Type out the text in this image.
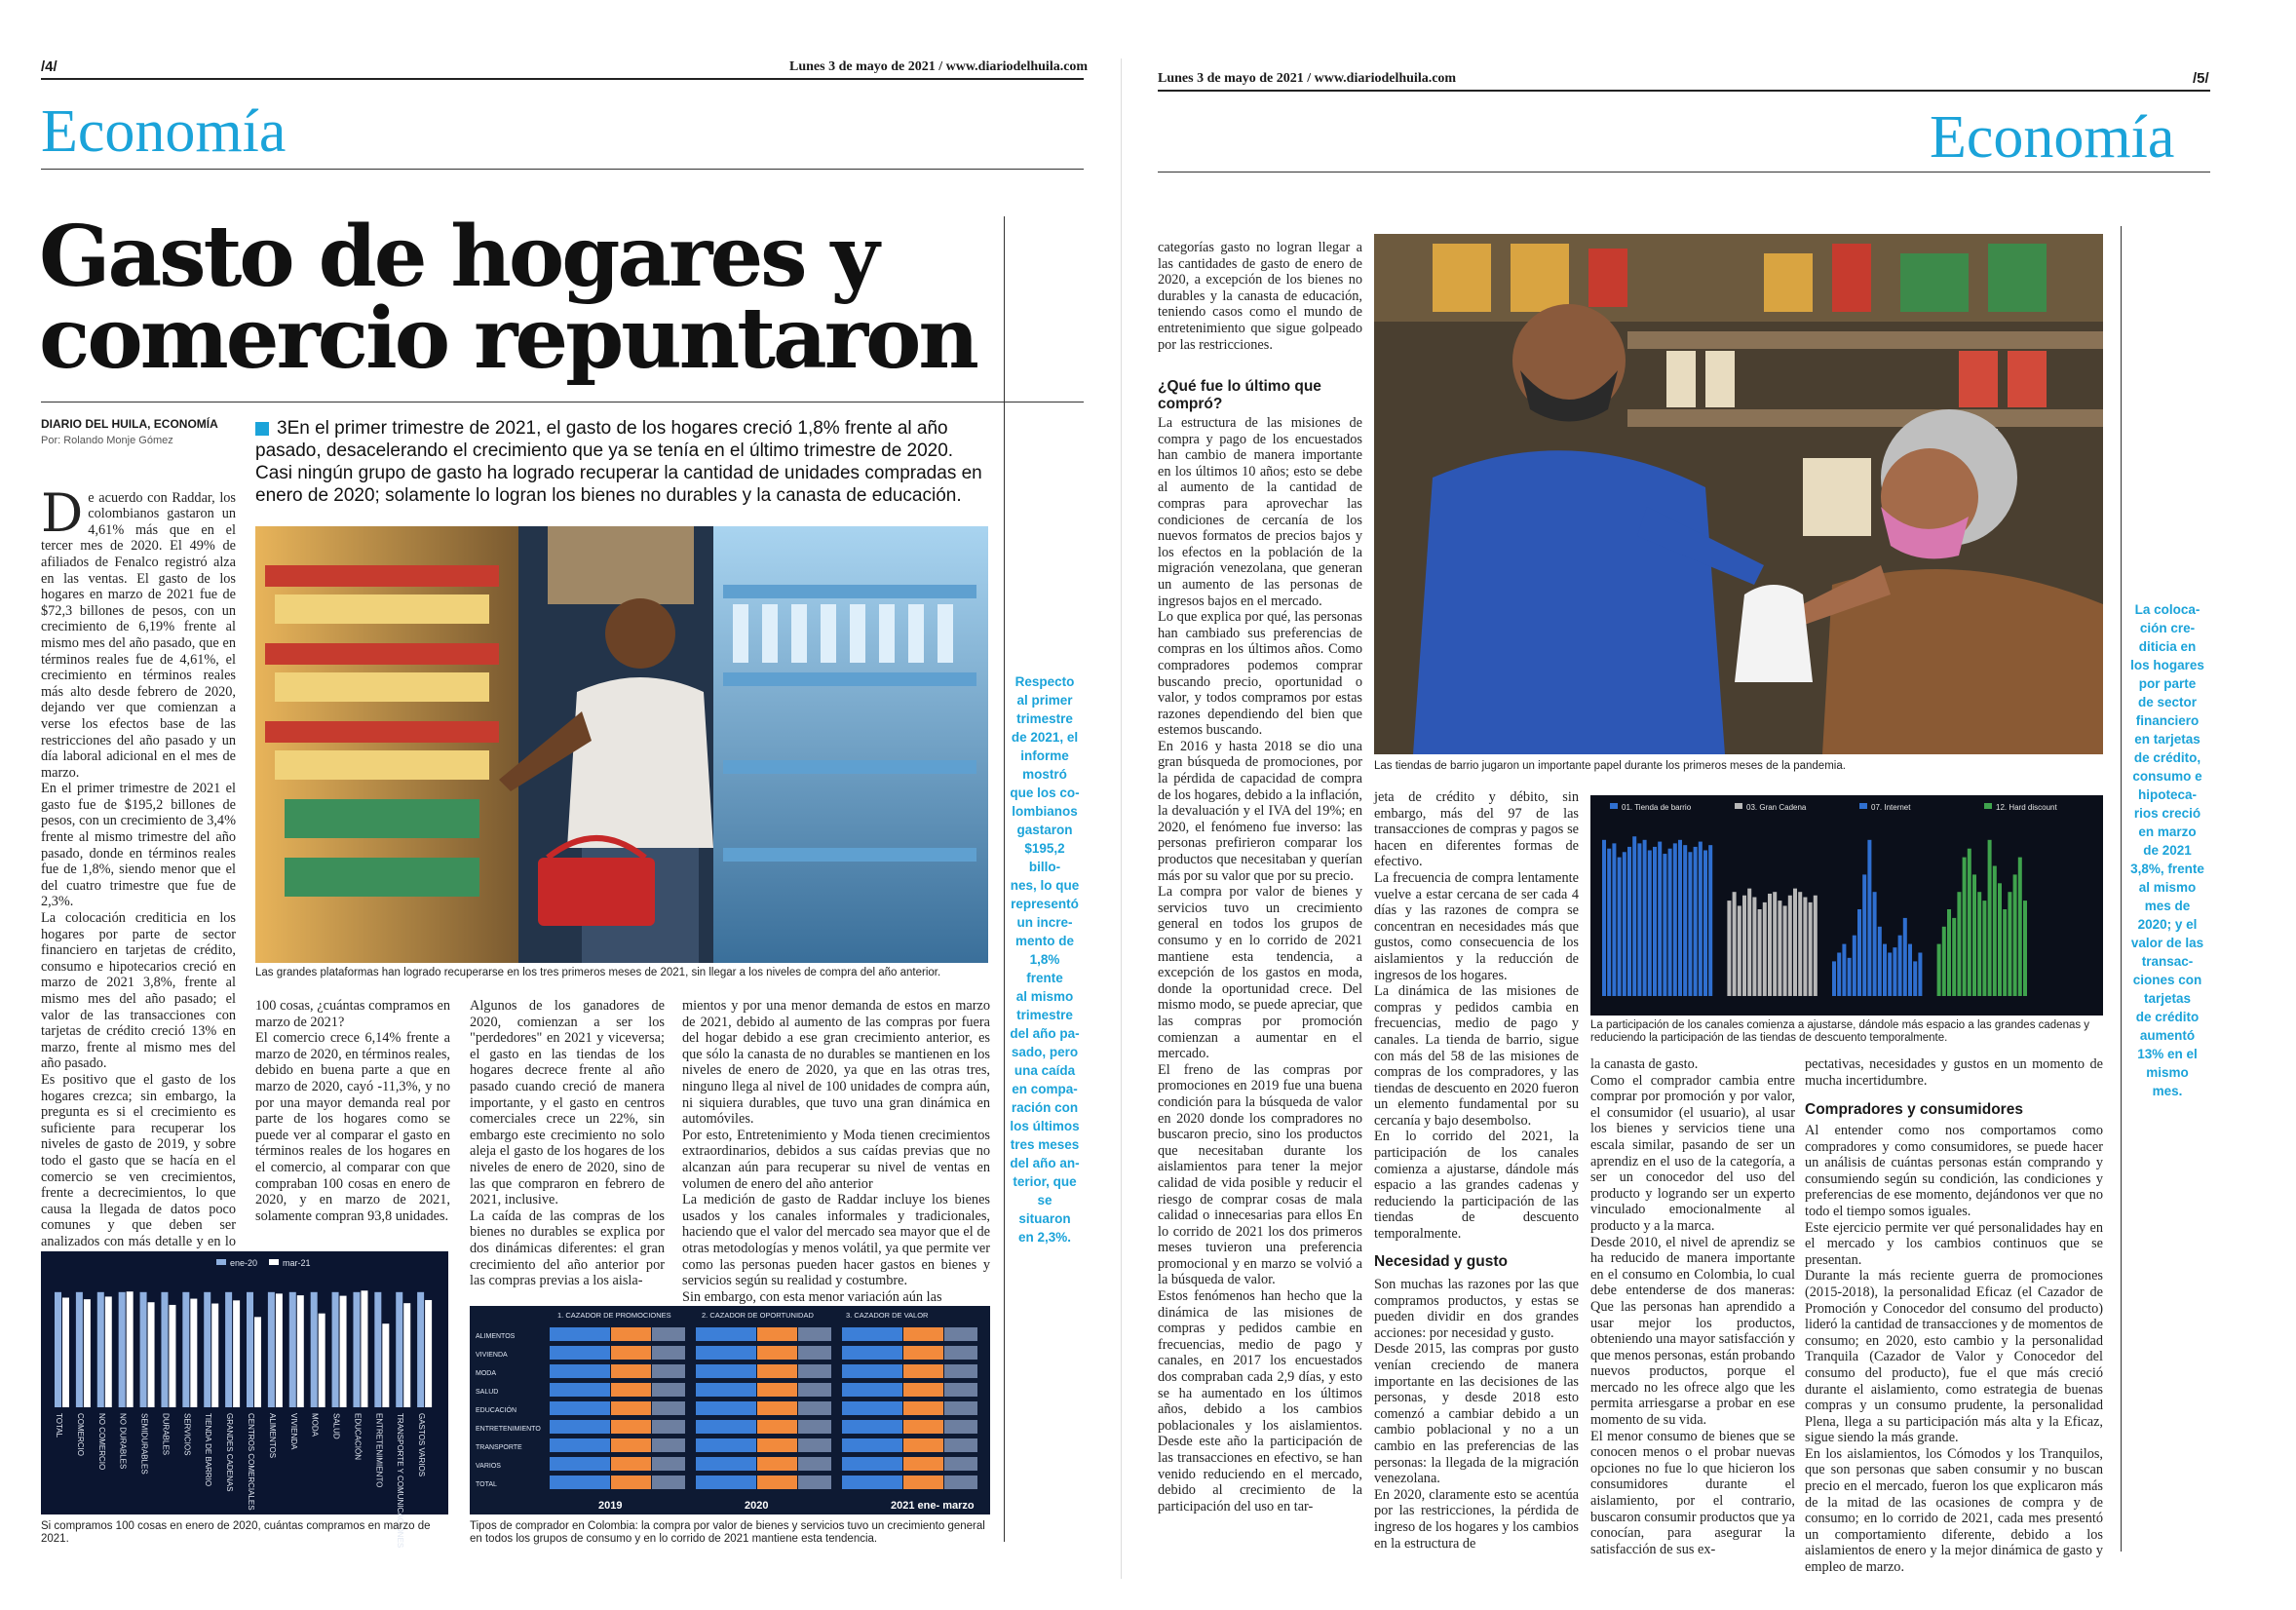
/4/	Lunes 3 de mayo de 2021 / www.diariodelhuila.com
Economía
Gasto de hogares y
comercio repuntaron
DIARIO DEL HUILA, ECONOMÍA
Por: Rolando Monje Gómez
3En el primer trimestre de 2021, el gasto de los hogares creció 1,8% frente al año pasado, desacelerando el crecimiento que ya se tenía en el último trimestre de 2020. Casi ningún grupo de gasto ha logrado recuperar la cantidad de unidades compradas en enero de 2020; solamente lo logran los bienes no durables y la canasta de educación.

De acuerdo con Raddar, los colombianos gastaron un 4,61% más que en el tercer mes de 2020. El 49% de afiliados de Fenalco registró alza en las ventas. El gasto de los hogares en marzo de 2021 fue de $72,3 billones de pesos, con un crecimiento de 6,19% frente al mismo mes del año pasado, que en términos reales fue de 4,61%, el crecimiento en términos reales más alto desde febrero de 2020, dejando ver que comienzan a verse los efectos base de las restricciones del año pasado y un día laboral adicional en el mes de marzo.
En el primer trimestre de 2021 el gasto fue de $195,2 billones de pesos, con un crecimiento de 3,4% frente al mismo trimestre del año pasado, donde en términos reales fue de 1,8%, siendo menor que el del cuatro trimestre que fue de 2,3%.
La colocación crediticia en los hogares por parte de sector financiero en tarjetas de crédito, consumo e hipotecarios creció en marzo de 2021 3,8%, frente al mismo mes del año pasado; el valor de las transacciones con tarjetas de crédito creció 13% en marzo, frente al mismo mes del año pasado.
Es positivo que el gasto de los hogares crezca; sin embargo, la pregunta es si el crecimiento es suficiente para recuperar los niveles de gasto de 2019, y sobre todo el gasto que se hacía en el comercio se ven crecimientos, frente a decrecimientos, lo que causa la llegada de datos poco comunes y que deben ser analizados con más detalle y en lo

Las grandes plataformas han logrado recuperarse en los tres primeros meses de 2021, sin llegar a los niveles de compra del año anterior.
100 cosas, ¿cuántas compramos en marzo de 2021?
El comercio crece 6,14% frente a marzo de 2020, en términos reales, debido en buena parte a que en marzo de 2020, cayó -11,3%, y no por una mayor demanda real por parte de los hogares como se puede ver al comparar el gasto en términos reales de los hogares en el comercio, al comparar con que compraban 100 cosas en enero de 2020, y en marzo de 2021, solamente compran 93,8 unidades.
Algunos de los ganadores de 2020, comienzan a ser los "perdedores" en 2021 y viceversa; el gasto en las tiendas de los hogares decrece frente al año pasado cuando creció de manera importante, y el gasto en centros comerciales crece un 22%, sin embargo este crecimiento no solo aleja el gasto de los hogares de los niveles de enero de 2020, sino de las que compraron en febrero de 2021, inclusive.
La caída de las compras de los bienes no durables se explica por dos dinámicas diferentes: el gran crecimiento del año anterior por las compras previas a los aisla-
mientos y por una menor demanda de estos en marzo de 2021, debido al aumento de las compras por fuera del hogar debido a ese gran crecimiento anterior, es que sólo la canasta de no durables se mantienen en los niveles de enero de 2020, ya que en las otras tres, ninguno llega al nivel de 100 unidades de compra aún, ni siquiera durables, que tuvo una gran dinámica en automóviles.
Por esto, Entretenimiento y Moda tienen crecimientos extraordinarios, debidos a sus caídas previas que no alcanzan aún para recuperar su nivel de ventas en volumen de enero del año anterior
La medición de gasto de Raddar incluye los bienes usados y los canales informales y tradicionales, haciendo que el valor del mercado sea mayor que el de otras metodologías y menos volátil, ya que permite ver como las personas pueden hacer gastos en bienes y servicios según su realidad y costumbre.
Sin embargo, con esta menor variación aún las
Respecto
al primer
trimestre
de 2021, el
informe
mostró
que los co-
lombianos
gastaron
$195,2 billo-
nes, lo que
representó
un incre-
mento de
1,8% frente
al mismo
trimestre
del año pa-
sado, pero
una caída
en compa-
ración con
los últimos
tres meses
del año an-
terior, que
se situaron
en 2,3%.
ene-20	mar-21
TOTAL COMERCIO NO COMERCIO NO DURABLES SEMIDURABLES DURABLES SERVICIOS TIENDA DE BARRIO GRANDES CADENAS CENTROS COMERCIALES ALIMENTOS VIVIENDA MODA SALUD EDUCACIÓN ENTRETENIMIENTO TRANSPORTE Y COMUNICACIONES GASTOS VARIOS
Si compramos 100 cosas en enero de 2020, cuántas compramos en marzo de 2021.
1. CAZADOR DE PROMOCIONES	2. CAZADOR DE OPORTUNIDAD	3. CAZADOR DE VALOR
ALIMENTOS
VIVIENDA
MODA
SALUD
EDUCACIÓN
ENTRETENIMIENTO
TRANSPORTE
VARIOS
TOTAL
2019	2020	2021 ene- marzo
Tipos de comprador en Colombia: la compra por valor de bienes y servicios tuvo un crecimiento general en todos los grupos de consumo y en lo corrido de 2021 mantiene esta tendencia.
Lunes 3 de mayo de 2021 / www.diariodelhuila.com	/5/
Economía
categorías gasto no logran llegar a las cantidades de gasto de enero de 2020, a excepción de los bienes no durables y la canasta de educación, teniendo casos como el mundo de entretenimiento que sigue golpeado por las restricciones.
¿Qué fue lo último que compró?
La estructura de las misiones de compra y pago de los encuestados han cambio de manera importante en los últimos 10 años; esto se debe al aumento de la cantidad de compras para aprovechar las condiciones de cercanía de los nuevos formatos de precios bajos y los efectos en la población de la migración venezolana, que generan un aumento de las personas de ingresos bajos en el mercado.
Lo que explica por qué, las personas han cambiado sus preferencias de compras en los últimos años. Como compradores podemos comprar buscando precio, oportunidad o valor, y todos compramos por estas razones dependiendo del bien que estemos buscando.
En 2016 y hasta 2018 se dio una gran búsqueda de promociones, por la pérdida de capacidad de compra de los hogares, debido a la inflación, la devaluación y el IVA del 19%; en 2020, el fenómeno fue inverso: las personas prefirieron comparar los productos que necesitaban y querían más por su valor que por su precio.
La compra por valor de bienes y servicios tuvo un crecimiento general en todos los grupos de consumo y en lo corrido de 2021 mantiene esta tendencia, a excepción de los gastos en moda, donde la oportunidad crece. Del mismo modo, se puede apreciar, que las compras por promoción comienzan a aumentar en el mercado.
El freno de las compras por promociones en 2019 fue una buena condición para la búsqueda de valor en 2020 donde los compradores no buscaron precio, sino los productos que necesitaban durante los aislamientos para tener la mejor calidad de vida posible y reducir el riesgo de comprar cosas de mala calidad o innecesarias para ellos En lo corrido de 2021 los dos primeros meses tuvieron una preferencia promocional y en marzo se volvió a la búsqueda de valor.
Estos fenómenos han hecho que la dinámica de las misiones de compras y pedidos cambie en frecuencias, medio de pago y canales, en 2017 los encuestados dos compraban cada 2,9 días, y esto se ha aumentado en los últimos años, debido a los cambios poblacionales y los aislamientos. Desde este año la participación de las transacciones en efectivo, se han venido reduciendo en el mercado, debido al crecimiento de la participación del uso en tar-
Las tiendas de barrio jugaron un importante papel durante los primeros meses de la pandemia.
jeta de crédito y débito, sin embargo, más del 97 de las transacciones de compras y pagos se hacen en diferentes formas de efectivo.
La frecuencia de compra lentamente vuelve a estar cercana de ser cada 4 días y las razones de compra se concentran en necesidades más que gustos, como consecuencia de los aislamientos y la reducción de ingresos de los hogares.
La dinámica de las misiones de compras y pedidos cambia en frecuencias, medio de pago y canales. La tienda de barrio, sigue con más del 58 de las misiones de compras de los compradores, y las tiendas de descuento en 2020 fueron un elemento fundamental por su cercanía y bajo desembolso.
En lo corrido del 2021, la participación de los canales comienza a ajustarse, dándole más espacio a las grandes cadenas y reduciendo la participación de las tiendas de descuento temporalmente.
Necesidad y gusto
Son muchas las razones por las que compramos productos, y estas se pueden dividir en dos grandes acciones: por necesidad y gusto.
Desde 2015, las compras por gusto venían creciendo de manera importante en las decisiones de las personas, y desde 2018 esto comenzó a cambiar debido a un cambio poblacional y no a un cambio en las preferencias de las personas: la llegada de la migración venezolana.
En 2020, claramente esto se acentúa por las restricciones, la pérdida de ingreso de los hogares y los cambios en la estructura de
01. Tienda de barrio	03. Gran Cadena	07. Internet	12. Hard discount
La participación de los canales comienza a ajustarse, dándole más espacio a las grandes cadenas y reduciendo la participación de las tiendas de descuento temporalmente.
la canasta de gasto.
Como el comprador cambia entre comprar por promoción y por valor, el consumidor (el usuario), al usar los bienes y servicios tiene una escala similar, pasando de ser un aprendiz en el uso de la categoría, a ser un conocedor del uso del producto y logrando ser un experto vinculado emocionalmente al producto y a la marca.
Desde 2010, el nivel de aprendiz se ha reducido de manera importante en el consumo en Colombia, lo cual debe entenderse de dos maneras: Que las personas han aprendido a usar mejor los productos, obteniendo una mayor satisfacción y que menos personas, están probando nuevos productos, porque el mercado no les ofrece algo que les permita arriesgarse a probar en ese momento de su vida.
El menor consumo de bienes que se conocen menos o el probar nuevas opciones no fue lo que hicieron los consumidores durante el aislamiento, por el contrario, buscaron consumir productos que ya conocían, para asegurar la satisfacción de sus ex-
pectativas, necesidades y gustos en un momento de mucha incertidumbre.
Compradores y consumidores
Al entender como nos comportamos como compradores y como consumidores, se puede hacer un análisis de cuántas personas están comprando y consumiendo según su condición, las condiciones y preferencias de ese momento, dejándonos ver que no todo el tiempo somos iguales.
Este ejercicio permite ver qué personalidades hay en el mercado y los cambios continuos que se presentan.
Durante la más reciente guerra de promociones (2015-2018), la personalidad Eficaz (el Cazador de Promoción y Conocedor del consumo del producto) lideró la cantidad de transacciones y de momentos de consumo; en 2020, esto cambio y la personalidad Tranquila (Cazador de Valor y Conocedor del consumo del producto), fue el que más creció durante el aislamiento, como estrategia de buenas compras y un consumo prudente, la personalidad Plena, llega a su participación más alta y la Eficaz, sigue siendo la más grande.
En los aislamientos, los Cómodos y los Tranquilos, que son personas que saben consumir y no buscan precio en el mercado, fueron los que explicaron más de la mitad de las ocasiones de compra y de consumo; en lo corrido de 2021, cada mes presentó un comportamiento diferente, debido a los aislamientos de enero y la mejor dinámica de gasto y empleo de marzo.
La coloca-
ción cre-
diticia en
los hogares
por parte
de sector
financiero
en tarjetas
de crédito,
consumo e
hipoteca-
rios creció
en marzo
de 2021
3,8%, frente
al mismo
mes de
2020; y el
valor de las
transac-
ciones con
tarjetas
de crédito
aumentó
13% en el
mismo
mes.
